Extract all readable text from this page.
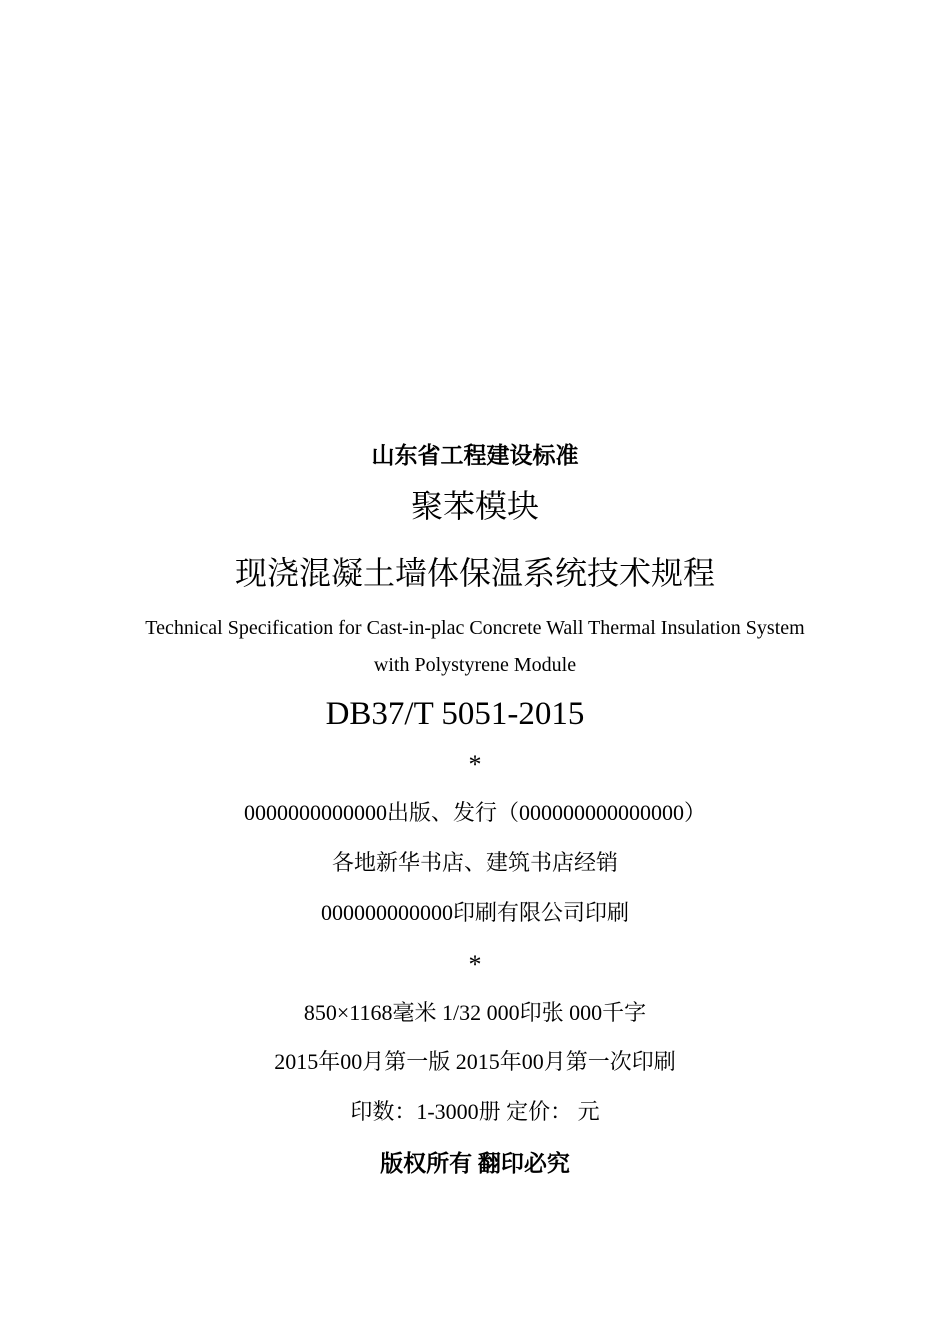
山东省工程建设标准
聚苯模块
现浇混凝土墙体保温系统技术规程
Technical Specification for Cast-in-plac Concrete Wall Thermal Insulation System
with Polystyrene Module
DB37/T 5051-2015
*
0000000000000出版、发行（000000000000000）
各地新华书店、建筑书店经销
000000000000印刷有限公司印刷
*
850×1168毫米 1/32 000印张 000千字
2015年00月第一版 2015年00月第一次印刷
印数：1-3000册 定价： 元
版权所有 翻印必究
